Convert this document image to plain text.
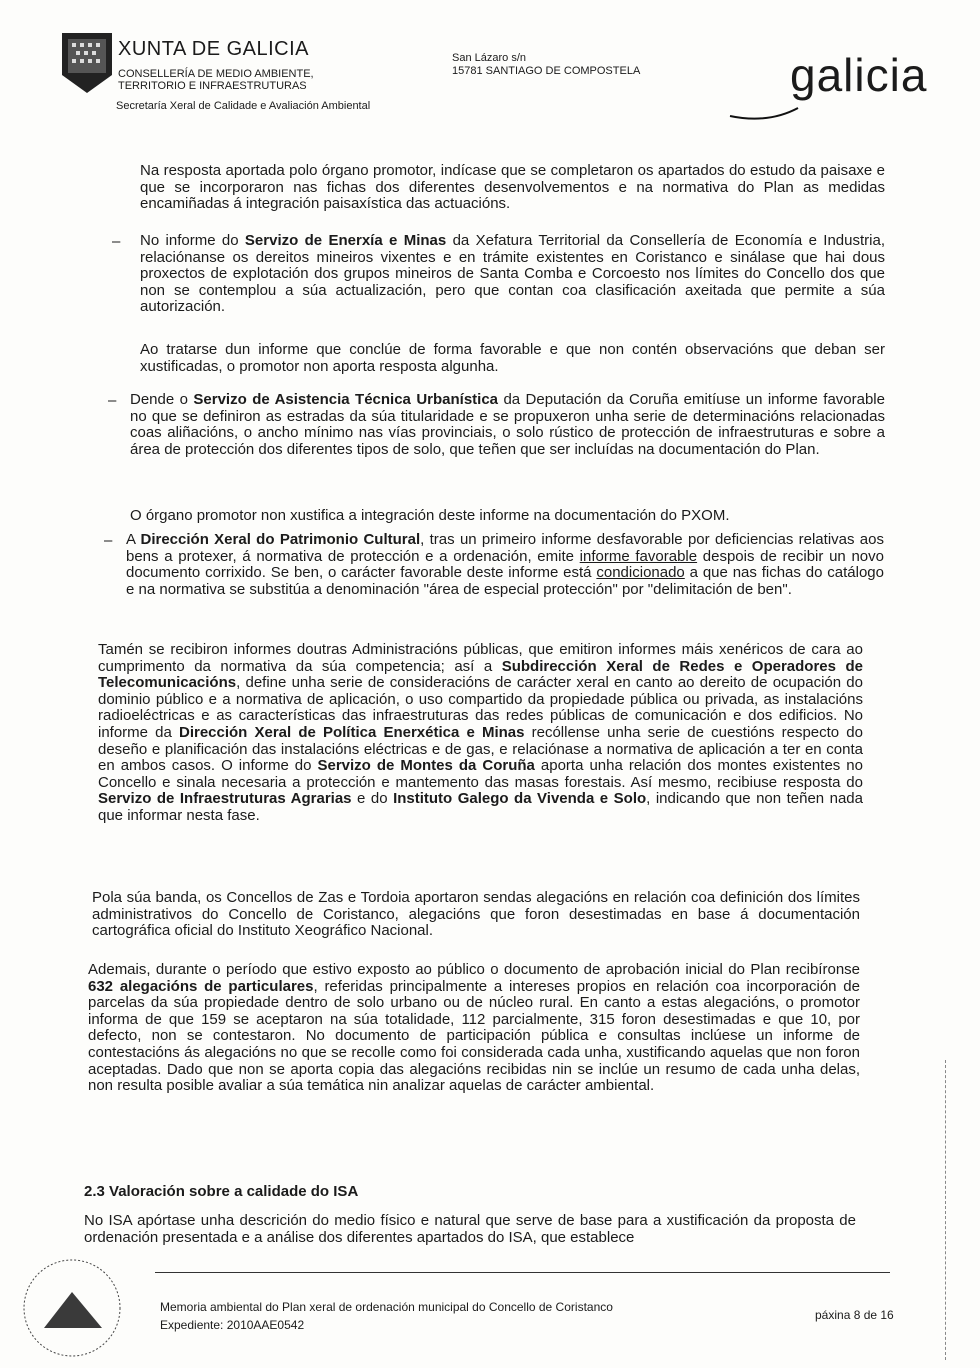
XUNTA DE GALICIA
CONSELLERÍA DE MEDIO AMBIENTE,
TERRITORIO E INFRAESTRUTURAS
Secretaría Xeral de Calidade e Avaliación Ambiental
San Lázaro s/n
15781 SANTIAGO DE COMPOSTELA	galicia
Na resposta aportada polo órgano promotor, indícase que se completaron os apartados do estudo da paisaxe e que se incorporaron nas fichas dos diferentes desenvolvementos e na normativa do Plan as medidas encamiñadas á integración paisaxística das actuacións.
– No informe do Servizo de Enerxía e Minas da Xefatura Territorial da Consellería de Economía e Industria, relaciónanse os dereitos mineiros vixentes e en trámite existentes en Coristanco e sinálase que hai dous proxectos de explotación dos grupos mineiros de Santa Comba e Corcoesto nos límites do Concello dos que non se contemplou a súa actualización, pero que contan coa clasificación axeitada que permite a súa autorización.
Ao tratarse dun informe que conclúe de forma favorable e que non contén observacións que deban ser xustificadas, o promotor non aporta resposta algunha.
– Dende o Servizo de Asistencia Técnica Urbanística da Deputación da Coruña emitíuse un informe favorable no que se definiron as estradas da súa titularidade e se propuxeron unha serie de determinacións relacionadas coas aliñacións, o ancho mínimo nas vías provinciais, o solo rústico de protección de infraestruturas e sobre a área de protección dos diferentes tipos de solo, que teñen que ser incluídas na documentación do Plan.
O órgano promotor non xustifica a integración deste informe na documentación do PXOM.
– A Dirección Xeral do Patrimonio Cultural, tras un primeiro informe desfavorable por deficiencias relativas aos bens a protexer, á normativa de protección e a ordenación, emite informe favorable despois de recibir un novo documento corrixido. Se ben, o carácter favorable deste informe está condicionado a que nas fichas do catálogo e na normativa se substitúa a denominación "área de especial protección" por "delimitación de ben".
Tamén se recibiron informes doutras Administracións públicas, que emitiron informes máis xenéricos de cara ao cumprimento da normativa da súa competencia; así a Subdirección Xeral de Redes e Operadores de Telecomunicacións, define unha serie de consideracións de carácter xeral en canto ao dereito de ocupación do dominio público e a normativa de aplicación, o uso compartido da propiedade pública ou privada, as instalacións radioeléctricas e as características das infraestruturas das redes públicas de comunicación e dos edificios. No informe da Dirección Xeral de Política Enerxética e Minas recóllense unha serie de cuestións respecto do deseño e planificación das instalacións eléctricas e de gas, e relaciónase a normativa de aplicación a ter en conta en ambos casos. O informe do Servizo de Montes da Coruña aporta unha relación dos montes existentes no Concello e sinala necesaria a protección e mantemento das masas forestais. Así mesmo, recibiuse resposta do Servizo de Infraestruturas Agrarias e do Instituto Galego da Vivenda e Solo, indicando que non teñen nada que informar nesta fase.
Pola súa banda, os Concellos de Zas e Tordoia aportaron sendas alegacións en relación coa definición dos límites administrativos do Concello de Coristanco, alegacións que foron desestimadas en base á documentación cartográfica oficial do Instituto Xeográfico Nacional.
Ademais, durante o período que estivo exposto ao público o documento de aprobación inicial do Plan recibíronse 632 alegacións de particulares, referidas principalmente a intereses propios en relación coa incorporación de parcelas da súa propiedade dentro de solo urbano ou de núcleo rural. En canto a estas alegacións, o promotor informa de que 159 se aceptaron na súa totalidade, 112 parcialmente, 315 foron desestimadas e que 10, por defecto, non se contestaron. No documento de participación pública e consultas inclúese un informe de contestacións ás alegacións no que se recolle como foi considerada cada unha, xustificando aquelas que non foron aceptadas. Dado que non se aporta copia das alegacións recibidas nin se inclúe un resumo de cada unha delas, non resulta posible avaliar a súa temática nin analizar aquelas de carácter ambiental.
2.3 Valoración sobre a calidade do ISA
No ISA apórtase unha descrición do medio físico e natural que serve de base para a xustificación da proposta de ordenación presentada e a análise dos diferentes apartados do ISA, que establece
Memoria ambiental do Plan xeral de ordenación municipal do Concello de Coristanco
Expediente: 2010AAE0542
páxina 8 de 16
